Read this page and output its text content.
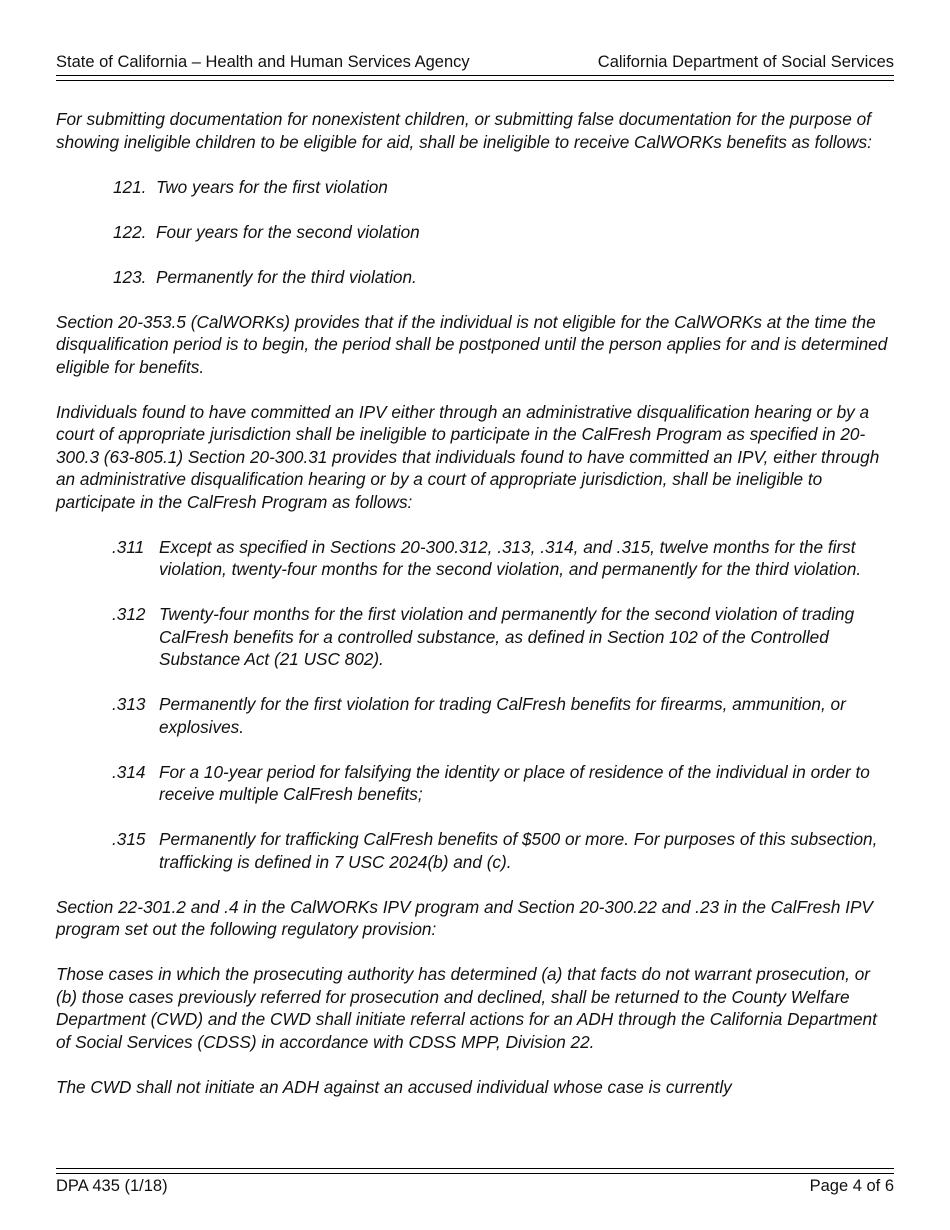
State of California – Health and Human Services Agency	California Department of Social Services

For submitting documentation for nonexistent children, or submitting false documentation for the purpose of showing ineligible children to be eligible for aid, shall be ineligible to receive CalWORKs benefits as follows:

121. Two years for the first violation
122. Four years for the second violation
123. Permanently for the third violation.

Section 20-353.5 (CalWORKs) provides that if the individual is not eligible for the CalWORKs at the time the disqualification period is to begin, the period shall be postponed until the person applies for and is determined eligible for benefits.

Individuals found to have committed an IPV either through an administrative disqualification hearing or by a court of appropriate jurisdiction shall be ineligible to participate in the CalFresh Program as specified in 20-300.3 (63-805.1) Section 20-300.31 provides that individuals found to have committed an IPV, either through an administrative disqualification hearing or by a court of appropriate jurisdiction, shall be ineligible to participate in the CalFresh Program as follows:

.311 Except as specified in Sections 20-300.312, .313, .314, and .315, twelve months for the first violation, twenty-four months for the second violation, and permanently for the third violation.
.312 Twenty-four months for the first violation and permanently for the second violation of trading CalFresh benefits for a controlled substance, as defined in Section 102 of the Controlled Substance Act (21 USC 802).
.313 Permanently for the first violation for trading CalFresh benefits for firearms, ammunition, or explosives.
.314 For a 10-year period for falsifying the identity or place of residence of the individual in order to receive multiple CalFresh benefits;
.315 Permanently for trafficking CalFresh benefits of $500 or more. For purposes of this subsection, trafficking is defined in 7 USC 2024(b) and (c).

Section 22-301.2 and .4 in the CalWORKs IPV program and Section 20-300.22 and .23 in the CalFresh IPV program set out the following regulatory provision:

Those cases in which the prosecuting authority has determined (a) that facts do not warrant prosecution, or (b) those cases previously referred for prosecution and declined, shall be returned to the County Welfare Department (CWD) and the CWD shall initiate referral actions for an ADH through the California Department of Social Services (CDSS) in accordance with CDSS MPP, Division 22.

The CWD shall not initiate an ADH against an accused individual whose case is currently

DPA 435 (1/18)	Page 4 of 6
